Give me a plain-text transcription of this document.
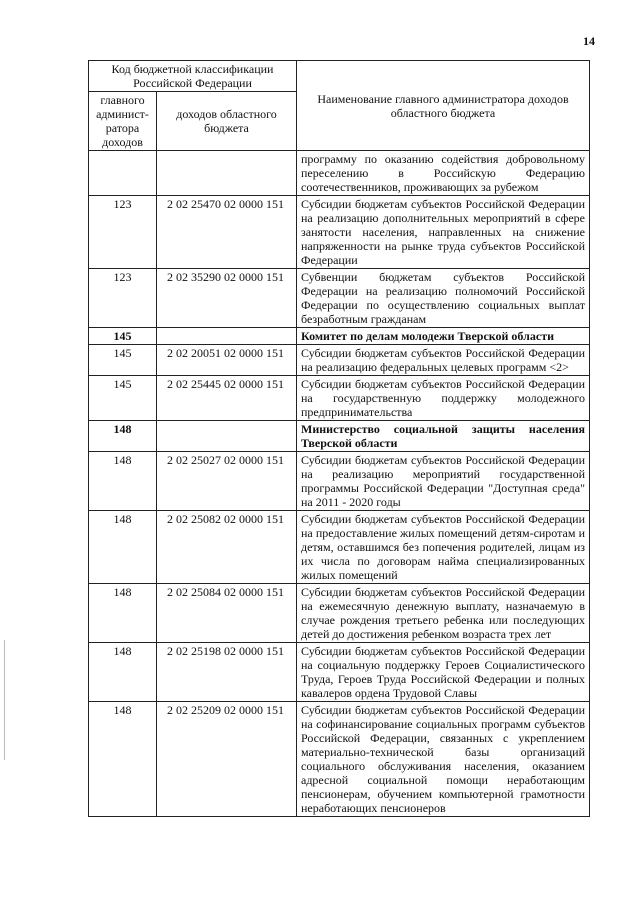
14
Код бюджетной классификации Российской Федерации		Наименование главного администратора доходов областного бюджета
главного админист-ратора доходов	доходов областного бюджета	
		программу по оказанию содействия добровольному переселению в Российскую Федерацию соотечественников, проживающих за рубежом
123	2 02 25470 02 0000 151	Субсидии бюджетам субъектов Российской Федерации на реализацию дополнительных мероприятий в сфере занятости населения, направленных на снижение напряженности на рынке труда субъектов Российской Федерации
123	2 02 35290 02 0000 151	Субвенции бюджетам субъектов Российской Федерации на реализацию полномочий Российской Федерации по осуществлению социальных выплат безработным гражданам
145		Комитет по делам молодежи Тверской области
145	2 02 20051 02 0000 151	Субсидии бюджетам субъектов Российской Федерации на реализацию федеральных целевых программ <2>
145	2 02 25445 02 0000 151	Субсидии бюджетам субъектов Российской Федерации на государственную поддержку молодежного предпринимательства
148		Министерство социальной защиты населения Тверской области
148	2 02 25027 02 0000 151	Субсидии бюджетам субъектов Российской Федерации на реализацию мероприятий государственной программы Российской Федерации "Доступная среда" на 2011 - 2020 годы
148	2 02 25082 02 0000 151	Субсидии бюджетам субъектов Российской Федерации на предоставление жилых помещений детям-сиротам и детям, оставшимся без попечения родителей, лицам из их числа по договорам найма специализированных жилых помещений
148	2 02 25084 02 0000 151	Субсидии бюджетам субъектов Российской Федерации на ежемесячную денежную выплату, назначаемую в случае рождения третьего ребенка или последующих детей до достижения ребенком возраста трех лет
148	2 02 25198 02 0000 151	Субсидии бюджетам субъектов Российской Федерации на социальную поддержку Героев Социалистического Труда, Героев Труда Российской Федерации и полных кавалеров ордена Трудовой Славы
148	2 02 25209 02 0000 151	Субсидии бюджетам субъектов Российской Федерации на софинансирование социальных программ субъектов Российской Федерации, связанных с укреплением материально-технической базы организаций социального обслуживания населения, оказанием адресной социальной помощи неработающим пенсионерам, обучением компьютерной грамотности неработающих пенсионеров
